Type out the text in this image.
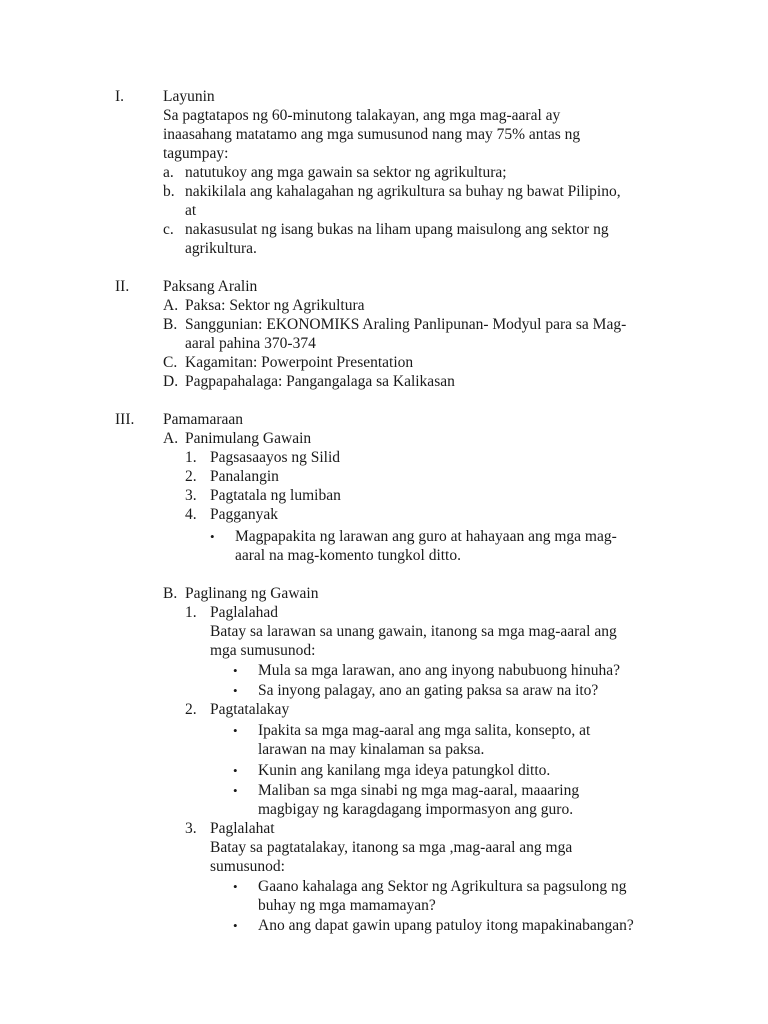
I.	Layunin
Sa pagtatapos ng 60-minutong talakayan, ang mga mag-aaral ay
inaasahang matatamo ang mga sumusunod nang may 75% antas ng
tagumpay:
a. natutukoy ang mga gawain sa sektor ng agrikultura;
b. nakikilala ang kahalagahan ng agrikultura sa buhay ng bawat Pilipino,
at
c. nakasusulat ng isang bukas na liham upang maisulong ang sektor ng
agrikultura.
II.	Paksang Aralin
A. Paksa: Sektor ng Agrikultura
B. Sanggunian: EKONOMIKS Araling Panlipunan- Modyul para sa Mag-
aaral pahina 370-374
C. Kagamitan: Powerpoint Presentation
D. Pagpapahalaga: Pangangalaga sa Kalikasan
III.	Pamamaraan
A. Panimulang Gawain
1. Pagsasaayos ng Silid
2. Panalangin
3. Pagtatala ng lumiban
4. Pagganyak
•	Magpapakita ng larawan ang guro at hahayaan ang mga mag-
aaral na mag-komento tungkol ditto.
B. Paglinang ng Gawain
1. Paglalahad
Batay sa larawan sa unang gawain, itanong sa mga mag-aaral ang
mga sumusunod:
•	Mula sa mga larawan, ano ang inyong nabubuong hinuha?
•	Sa inyong palagay, ano an gating paksa sa araw na ito?
2. Pagtatalakay
•	Ipakita sa mga mag-aaral ang mga salita, konsepto, at
larawan na may kinalaman sa paksa.
•	Kunin ang kanilang mga ideya patungkol ditto.
•	Maliban sa mga sinabi ng mga mag-aaral, maaaring
magbigay ng karagdagang impormasyon ang guro.
3. Paglalahat
Batay sa pagtatalakay, itanong sa mga ,mag-aaral ang mga
sumusunod:
•	Gaano kahalaga ang Sektor ng Agrikultura sa pagsulong ng
buhay ng mga mamamayan?
•	Ano ang dapat gawin upang patuloy itong mapakinabangan?
